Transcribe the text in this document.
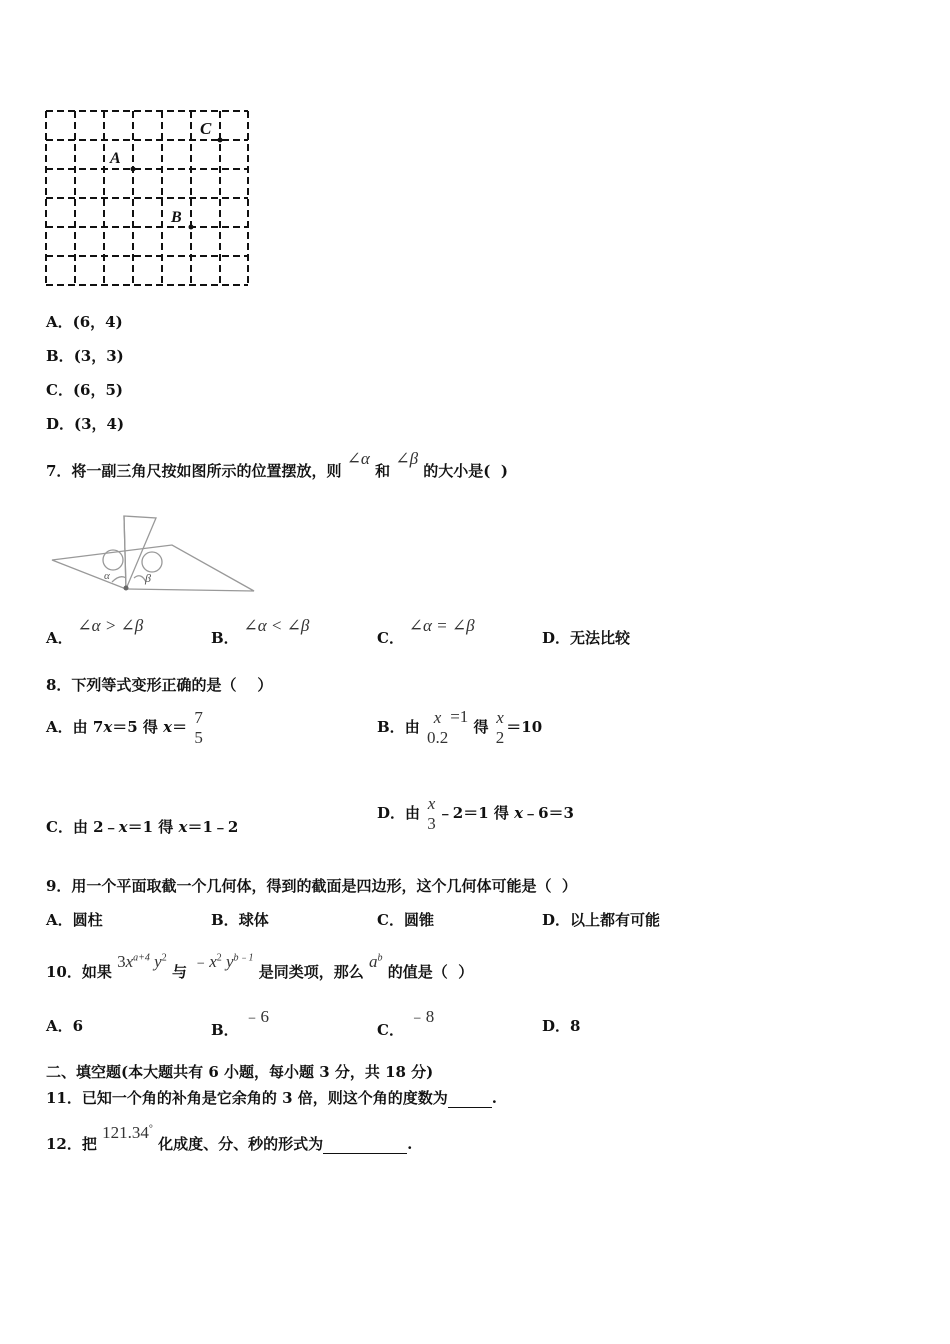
C
A
B
A．(6，4)
B．(3，3)
C．(6，5)
D．(3，4)
7．将一副三角尺按如图所示的位置摆放，则 ∠α 和 ∠β 的大小是(  )
α	β
A． ∠α > ∠β
B． ∠α < ∠β
C． ∠α = ∠β
D．无法比较
8．下列等式变形正确的是（    ）
A．由 7x＝5 得 x＝ 7
5
B．由 x
0.2
=1 得 x
2
＝10
C．由 2﹣x＝1 得 x＝1﹣2
D．由 x
3
﹣2＝1 得 x﹣6＝3
9．用一个平面取截一个几何体，得到的截面是四边形，这个几何体可能是（  ）
A．圆柱	B．球体	C．圆锥	D．以上都有可能
10．如果 $3x^{a+4}$ $y^2$ 与 $﹣x^2$ $y^{b﹣1}$ 是同类项，那么 $a^b$ 的值是（  ）
A．6	B． ﹣6
C． ﹣8	D．8
二、填空题(本大题共有 6 小题，每小题 3 分，共 18 分)
11．已知一个角的补角是它余角的 3 倍，则这个角的度数为	.
12．把 121.34° 化成度、分、秒的形式为	.
